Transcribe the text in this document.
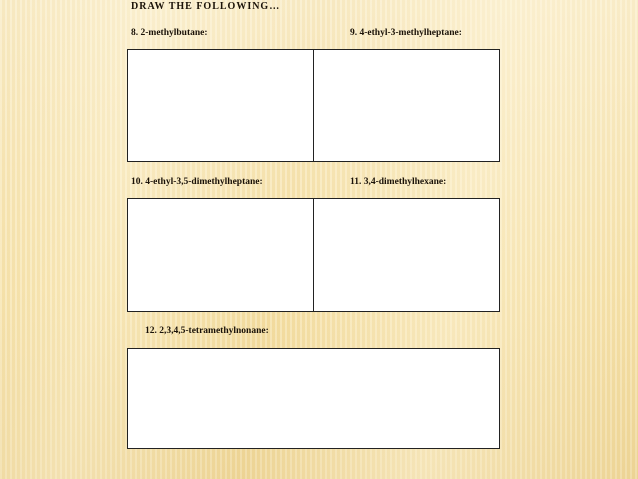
DRAW THE FOLLOWING…
8. 2-methylbutane:	9. 4-ethyl-3-methylheptane:
10. 4-ethyl-3,5-dimethylheptane:	11. 3,4-dimethylhexane:
12. 2,3,4,5-tetramethylnonane:
